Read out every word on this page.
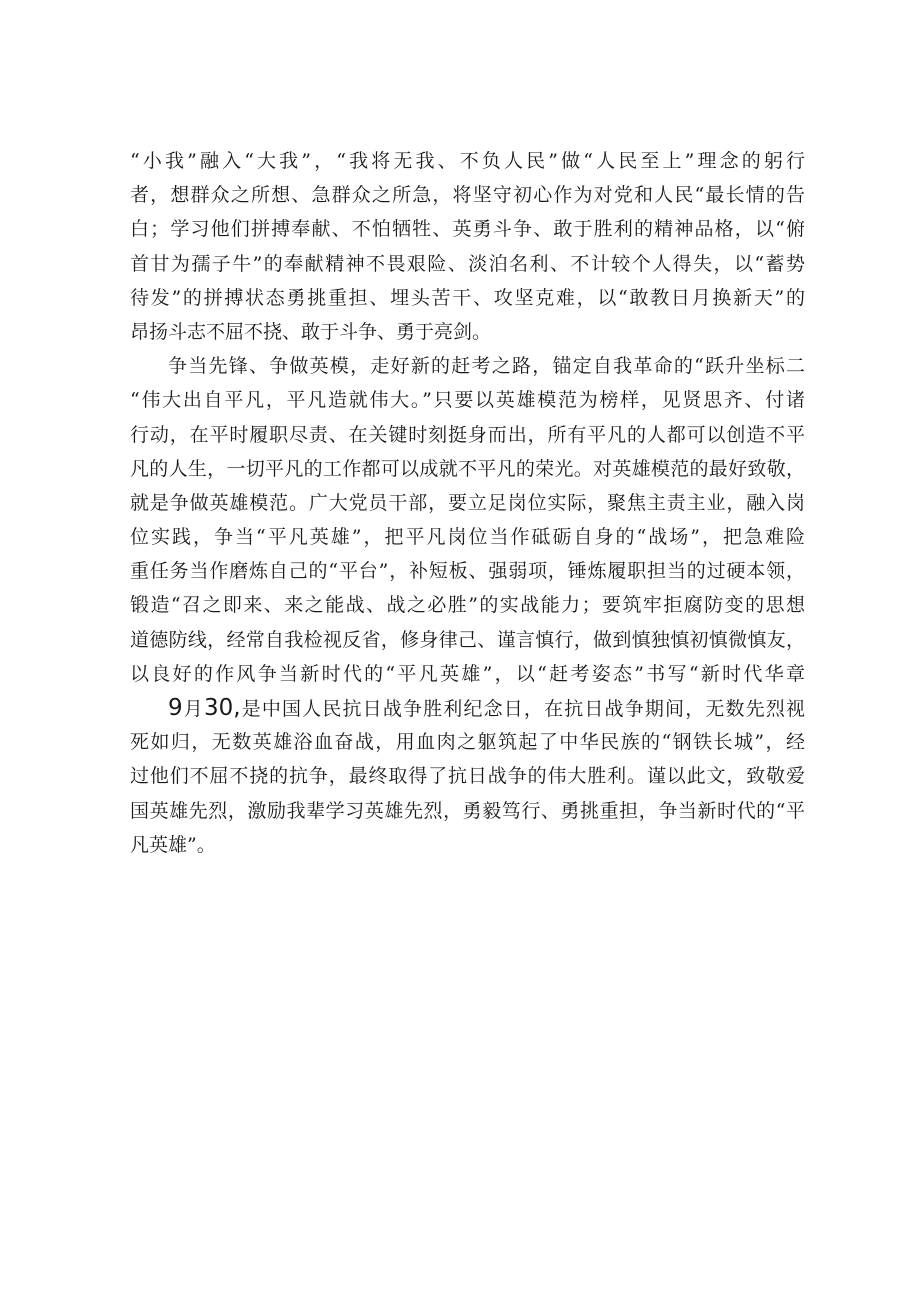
“小我”融入“大我”，“我将无我、不负人民”做“人民至上”理念的躬行
者，想群众之所想、急群众之所急，将坚守初心作为对党和人民“最长情的告
白；学习他们拼搏奉献、不怕牺牲、英勇斗争、敢于胜利的精神品格，以“俯
首甘为孺子牛”的奉献精神不畏艰险、淡泊名利、不计较个人得失，以“蓄势
待发”的拼搏状态勇挑重担、埋头苦干、攻坚克难，以“敢教日月换新天”的
昂扬斗志不屈不挠、敢于斗争、勇于亮剑。
争当先锋、争做英模，走好新的赶考之路，锚定自我革命的“跃升坐标二
“伟大出自平凡，平凡造就伟大。”只要以英雄模范为榜样，见贤思齐、付诸
行动，在平时履职尽责、在关键时刻挺身而出，所有平凡的人都可以创造不平
凡的人生，一切平凡的工作都可以成就不平凡的荣光。对英雄模范的最好致敬，
就是争做英雄模范。广大党员干部，要立足岗位实际，聚焦主责主业，融入岗
位实践，争当“平凡英雄”，把平凡岗位当作砥砺自身的“战场”，把急难险
重任务当作磨炼自己的“平台”，补短板、强弱项，锤炼履职担当的过硬本领，
锻造“召之即来、来之能战、战之必胜”的实战能力；要筑牢拒腐防变的思想
道德防线，经常自我检视反省，修身律己、谨言慎行，做到慎独慎初慎微慎友，
以良好的作风争当新时代的“平凡英雄”，以“赶考姿态”书写“新时代华章
9月30,是中国人民抗日战争胜利纪念日，在抗日战争期间，无数先烈视
死如归，无数英雄浴血奋战，用血肉之躯筑起了中华民族的“钢铁长城”，经
过他们不屈不挠的抗争，最终取得了抗日战争的伟大胜利。谨以此文，致敬爱
国英雄先烈，激励我辈学习英雄先烈，勇毅笃行、勇挑重担，争当新时代的“平
凡英雄”。
